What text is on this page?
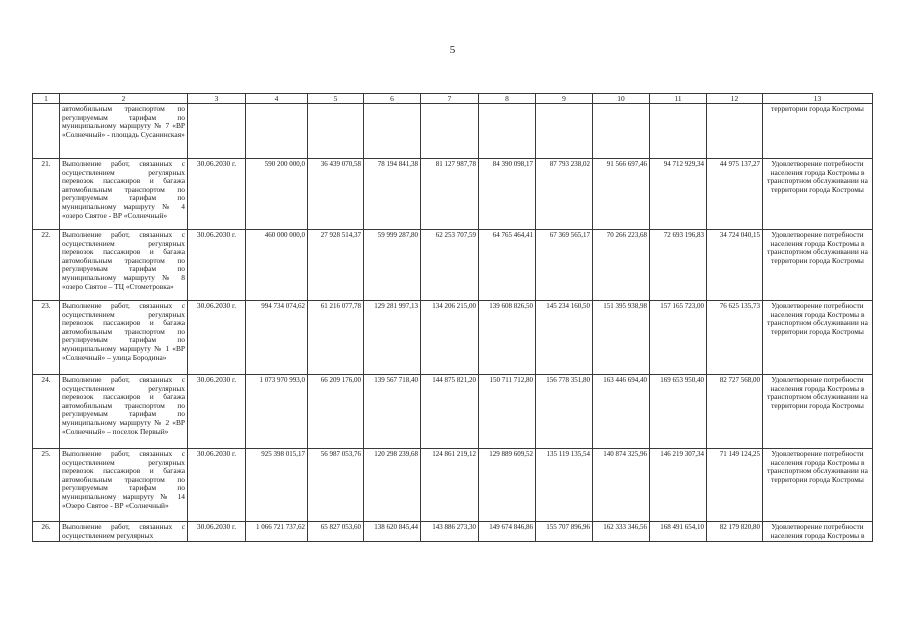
5
1	2	3	4	5	6	7	8	9	10	11	12	13
	автомобильным транспортом по регулируемым тарифам по муниципальному маршруту № 7 «ВР «Солнечный» - площадь Сусанинская»											территории города Костромы
21.	Выполнение работ, связанных с осуществлением регулярных перевозок пассажиров и багажа автомобильным транспортом по регулируемым тарифам по муниципальному маршруту № 4 «озеро Святое - ВР «Солнечный»	30.06.2030 г.	590 200 000,0	36 439 070,58	78 194 841,38	81 127 987,78	84 390 098,17	87 793 238,02	91 566 697,46	94 712 929,34	44 975 137,27	Удовлетворение потребности населения города Костромы в транспортном обслуживании на территории города Костромы
22.	Выполнение работ, связанных с осуществлением регулярных перевозок пассажиров и багажа автомобильным транспортом по регулируемым тарифам по муниципальному маршруту № 8 «озеро Святое – ТЦ «Стометровка»	30.06.2030 г.	460 000 000,0	27 928 514,37	59 999 287,80	62 253 707,59	64 765 464,41	67 369 565,17	70 266 223,68	72 693 196,83	34 724 040,15	Удовлетворение потребности населения города Костромы в транспортном обслуживании на территории города Костромы
23.	Выполнение работ, связанных с осуществлением регулярных перевозок пассажиров и багажа автомобильным транспортом по регулируемым тарифам по муниципальному маршруту № 1 «ВР «Солнечный» – улица Бородина»	30.06.2030 г.	994 734 074,62	61 216 077,78	129 281 997,13	134 206 215,00	139 608 826,50	145 234 160,50	151 395 938,98	157 165 723,00	76 625 135,73	Удовлетворение потребности населения города Костромы в транспортном обслуживании на территории города Костромы
24.	Выполнение работ, связанных с осуществлением регулярных перевозок пассажиров и багажа автомобильным транспортом по регулируемым тарифам по муниципальному маршруту № 2 «ВР «Солнечный» – поселок Первый»	30.06.2030 г.	1 073 970 993,0	66 209 176,00	139 567 718,40	144 875 821,20	150 711 712,80	156 778 351,80	163 446 694,40	169 653 950,40	82 727 568,00	Удовлетворение потребности населения города Костромы в транспортном обслуживании на территории города Костромы
25.	Выполнение работ, связанных с осуществлением регулярных перевозок пассажиров и багажа автомобильным транспортом по регулируемым тарифам по муниципальному маршруту № 14 «Озеро Святое - ВР «Солнечный»	30.06.2030 г.	925 398 015,17	56 987 053,76	120 298 239,68	124 861 219,12	129 889 609,52	135 119 135,54	140 874 325,96	146 219 307,34	71 149 124,25	Удовлетворение потребности населения города Костромы в транспортном обслуживании на территории города Костромы
26.	Выполнение работ, связанных с осуществлением регулярных	30.06.2030 г.	1 066 721 737,62	65 827 053,60	138 620 845,44	143 886 273,30	149 674 846,86	155 707 896,96	162 333 346,56	168 491 654,10	82 179 820,80	Удовлетворение потребности населения города Костромы в
